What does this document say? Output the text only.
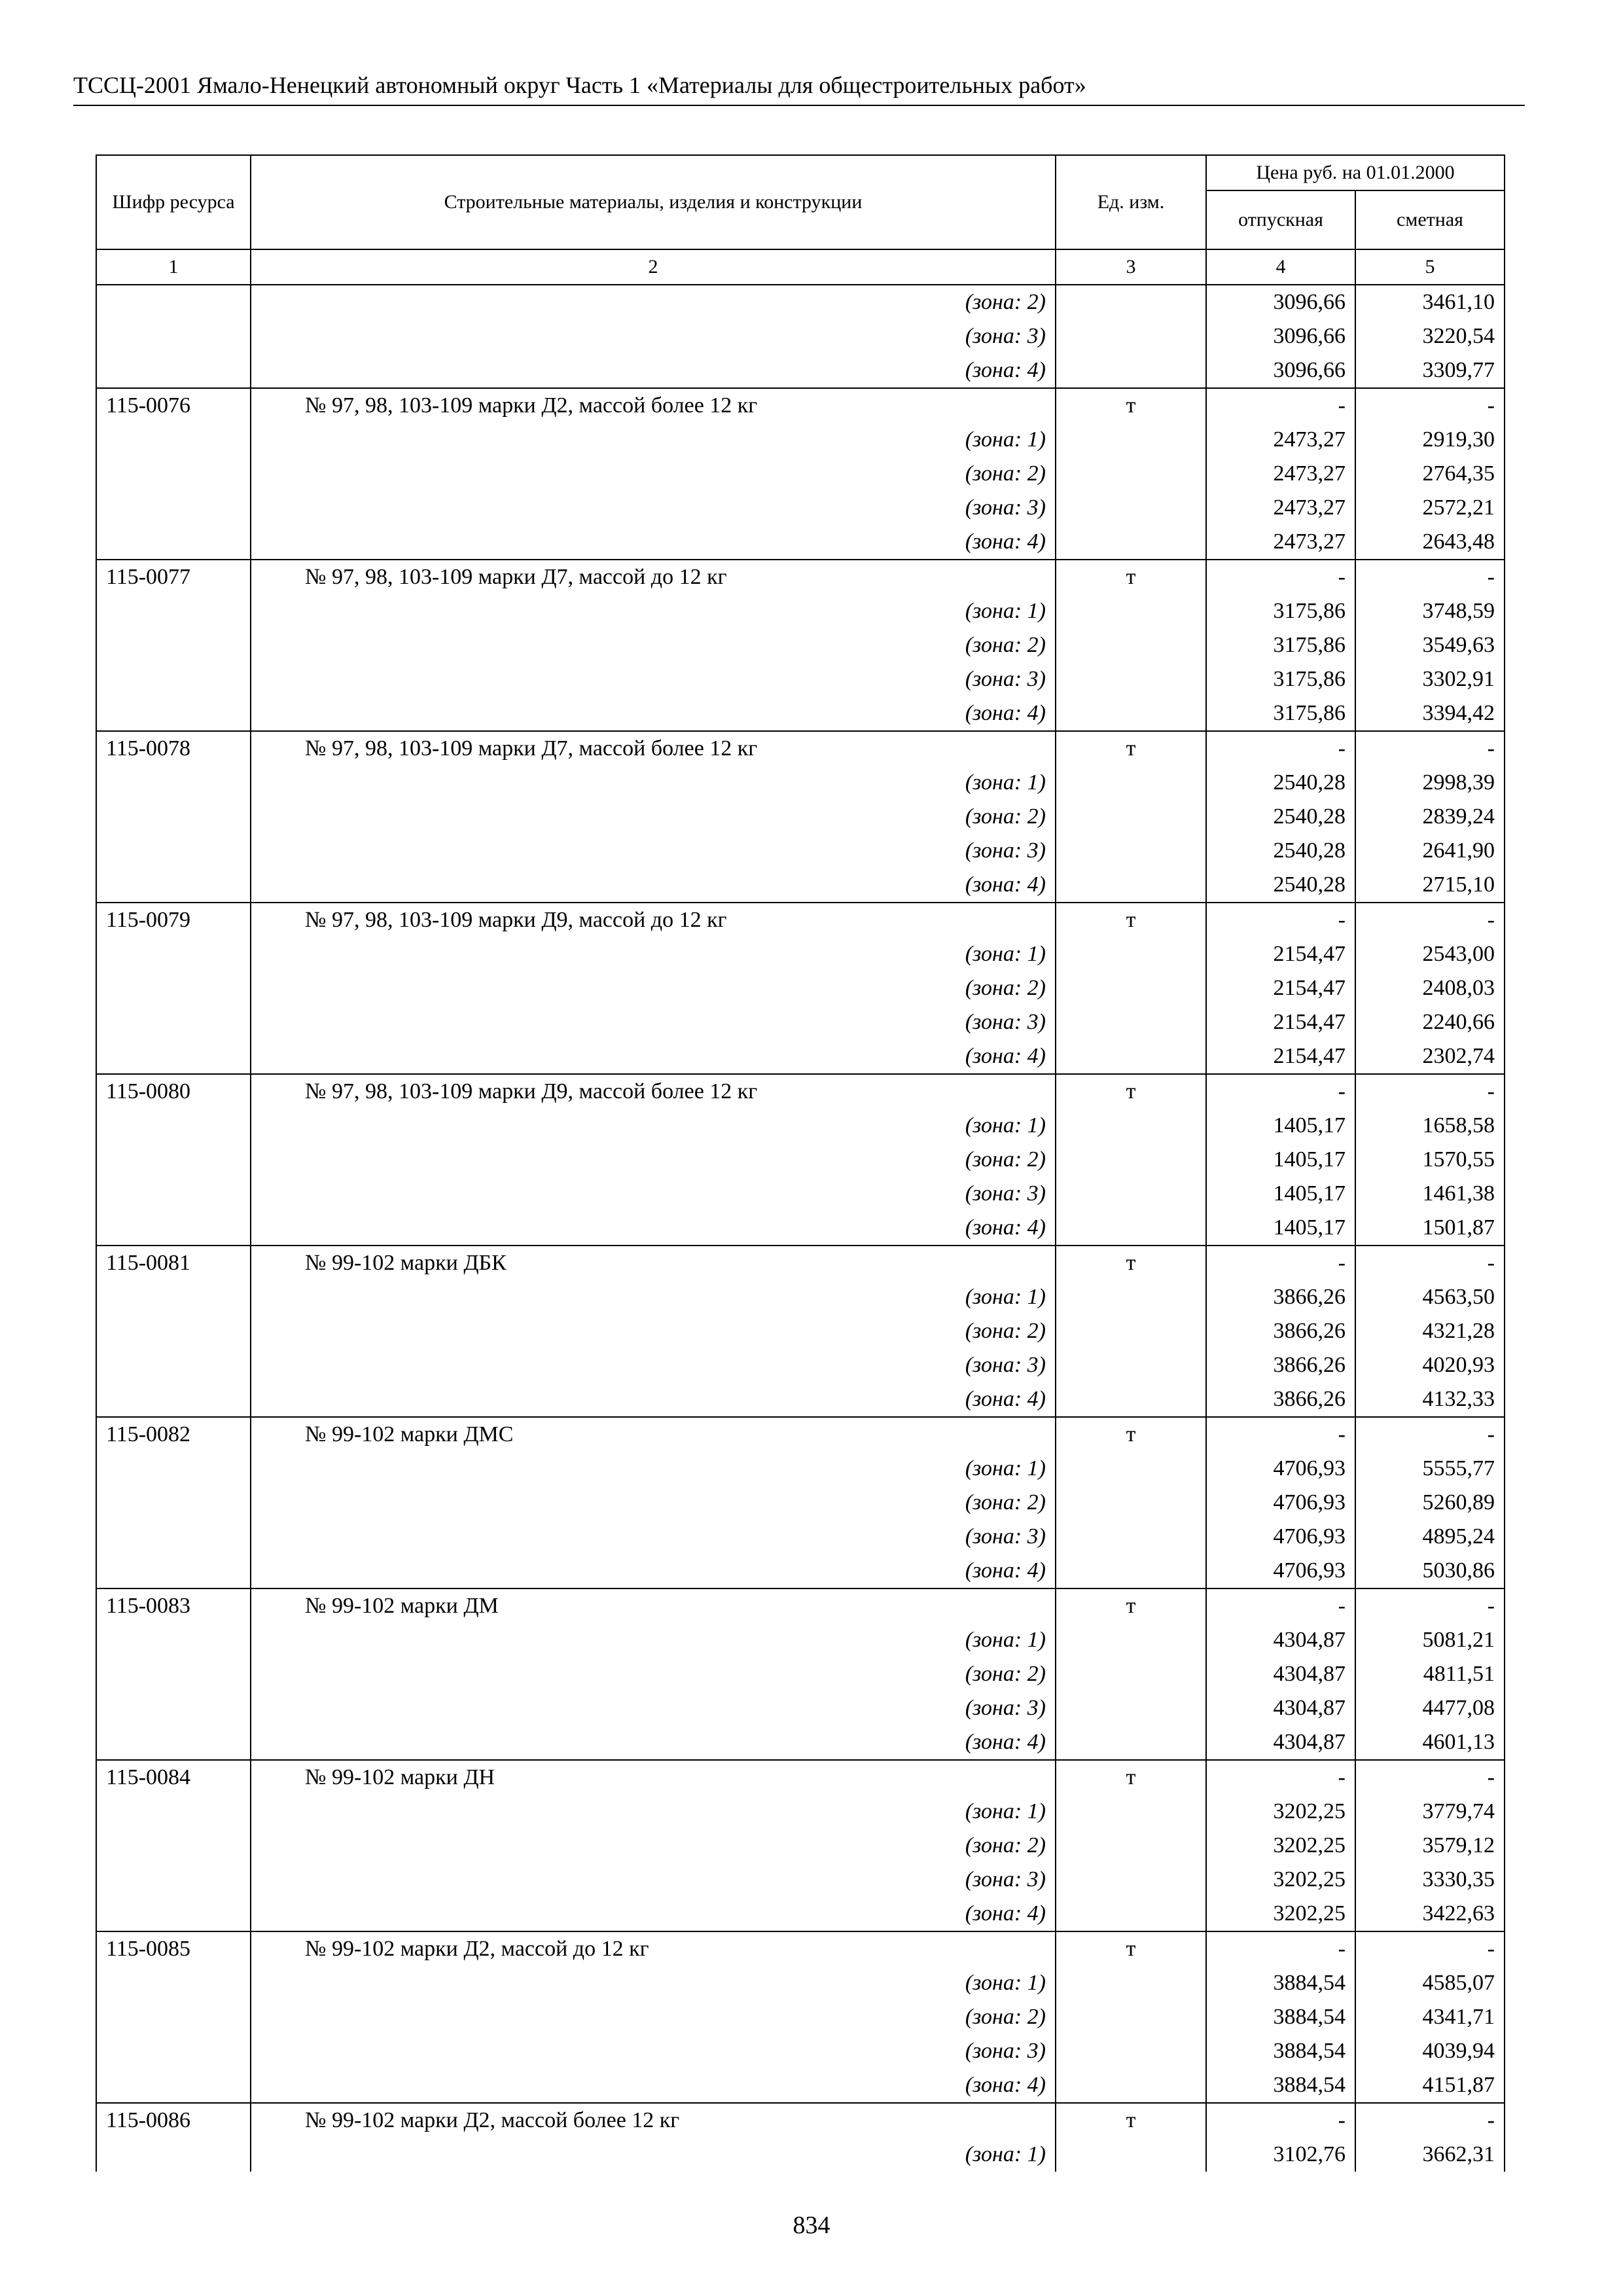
ТССЦ-2001 Ямало-Ненецкий автономный округ Часть 1 «Материалы для общестроительных работ»
Шифр ресурса	Строительные материалы, изделия и конструкции	Ед. изм.	Цена руб. на 01.01.2000	
			отпускная	сметная
1	2	3	4	5
	(зона: 2)		3096,66	3461,10
	(зона: 3)		3096,66	3220,54
	(зона: 4)		3096,66	3309,77
115-0076	№ 97, 98, 103-109 марки Д2, массой более 12 кг	т	-	-
	(зона: 1)		2473,27	2919,30
	(зона: 2)		2473,27	2764,35
	(зона: 3)		2473,27	2572,21
	(зона: 4)		2473,27	2643,48
115-0077	№ 97, 98, 103-109 марки Д7, массой до 12 кг	т	-	-
	(зона: 1)		3175,86	3748,59
	(зона: 2)		3175,86	3549,63
	(зона: 3)		3175,86	3302,91
	(зона: 4)		3175,86	3394,42
115-0078	№ 97, 98, 103-109 марки Д7, массой более 12 кг	т	-	-
	(зона: 1)		2540,28	2998,39
	(зона: 2)		2540,28	2839,24
	(зона: 3)		2540,28	2641,90
	(зона: 4)		2540,28	2715,10
115-0079	№ 97, 98, 103-109 марки Д9, массой до 12 кг	т	-	-
	(зона: 1)		2154,47	2543,00
	(зона: 2)		2154,47	2408,03
	(зона: 3)		2154,47	2240,66
	(зона: 4)		2154,47	2302,74
115-0080	№ 97, 98, 103-109 марки Д9, массой более 12 кг	т	-	-
	(зона: 1)		1405,17	1658,58
	(зона: 2)		1405,17	1570,55
	(зона: 3)		1405,17	1461,38
	(зона: 4)		1405,17	1501,87
115-0081	№ 99-102 марки ДБК	т	-	-
	(зона: 1)		3866,26	4563,50
	(зона: 2)		3866,26	4321,28
	(зона: 3)		3866,26	4020,93
	(зона: 4)		3866,26	4132,33
115-0082	№ 99-102 марки ДМС	т	-	-
	(зона: 1)		4706,93	5555,77
	(зона: 2)		4706,93	5260,89
	(зона: 3)		4706,93	4895,24
	(зона: 4)		4706,93	5030,86
115-0083	№ 99-102 марки ДМ	т	-	-
	(зона: 1)		4304,87	5081,21
	(зона: 2)		4304,87	4811,51
	(зона: 3)		4304,87	4477,08
	(зона: 4)		4304,87	4601,13
115-0084	№ 99-102 марки ДН	т	-	-
	(зона: 1)		3202,25	3779,74
	(зона: 2)		3202,25	3579,12
	(зона: 3)		3202,25	3330,35
	(зона: 4)		3202,25	3422,63
115-0085	№ 99-102 марки Д2, массой до 12 кг	т	-	-
	(зона: 1)		3884,54	4585,07
	(зона: 2)		3884,54	4341,71
	(зона: 3)		3884,54	4039,94
	(зона: 4)		3884,54	4151,87
115-0086	№ 99-102 марки Д2, массой более 12 кг	т	-	-
	(зона: 1)		3102,76	3662,31
834
